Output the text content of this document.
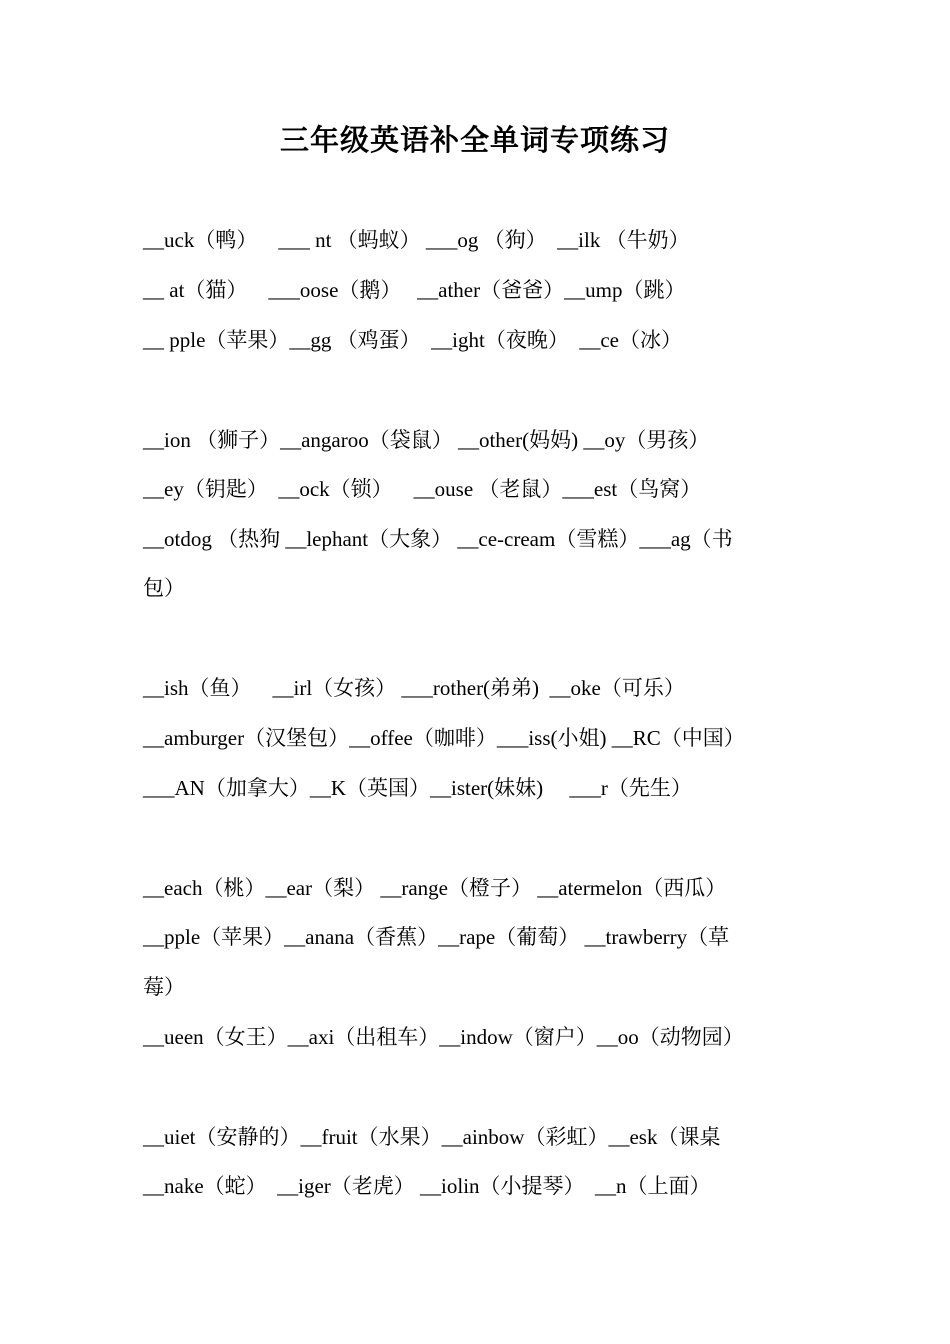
三年级英语补全单词专项练习
__uck（鸭）    ___ nt （蚂蚁） ___og （狗）  __ilk （牛奶）
__ at（猫）    ___oose（鹅）   __ather（爸爸）__ump（跳）
__ pple（苹果）__gg （鸡蛋）  __ight（夜晚）  __ce（冰）
__ion （狮子）__angaroo（袋鼠） __other(妈妈) __oy（男孩）
__ey（钥匙）  __ock（锁）    __ouse （老鼠）___est（鸟窝）
__otdog （热狗 __lephant（大象） __ce-cream（雪糕）___ag（书
包）
__ish（鱼）    __irl（女孩） ___rother(弟弟)  __oke（可乐）
__amburger（汉堡包）__offee（咖啡）___iss(小姐) __RC（中国）
___AN（加拿大）__K（英国）__ister(妹妹)     ___r（先生）
__each（桃）__ear（梨） __range（橙子） __atermelon（西瓜）
__pple（苹果）__anana（香蕉）__rape（葡萄） __trawberry（草
莓）
__ueen（女王）__axi（出租车）__indow（窗户）__oo（动物园）
__uiet（安静的）__fruit（水果）__ainbow（彩虹）__esk（课桌
__nake（蛇）  __iger（老虎） __iolin（小提琴）  __n（上面）
